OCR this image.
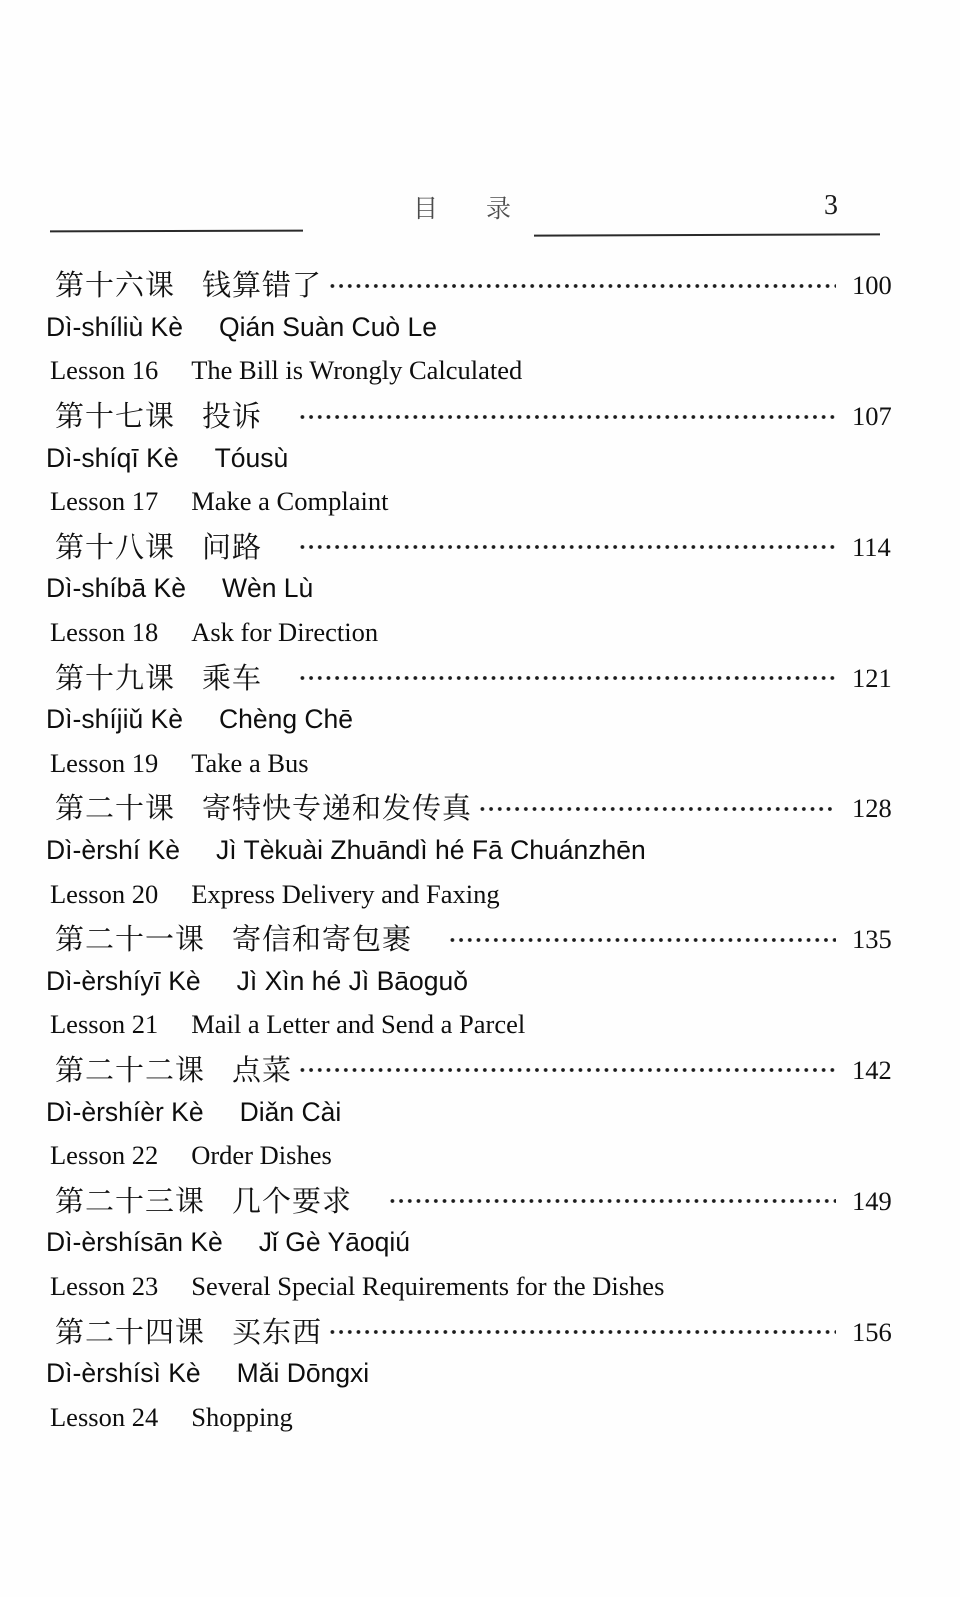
目 录	3
第十六课 钱算错了	100
Dì-shíliù Kè Qián Suàn Cuò Le
Lesson 16 The Bill is Wrongly Calculated
第十七课 投诉　	107
Dì-shíqī Kè Tóusù
Lesson 17 Make a Complaint
第十八课 问路　	114
Dì-shíbā Kè Wèn Lù
Lesson 18 Ask for Direction
第十九课 乘车　	121
Dì-shíjiǔ Kè Chèng Chē
Lesson 19 Take a Bus
第二十课 寄特快专递和发传真	128
Dì-èrshí Kè Jì Tèkuài Zhuāndì hé Fā Chuánzhēn
Lesson 20 Express Delivery and Faxing
第二十一课 寄信和寄包裹　	135
Dì-èrshíyī Kè Jì Xìn hé Jì Bāoguǒ
Lesson 21 Mail a Letter and Send a Parcel
第二十二课 点菜	142
Dì-èrshíèr Kè Diǎn Cài
Lesson 22 Order Dishes
第二十三课 几个要求　	149
Dì-èrshísān Kè Jǐ Gè Yāoqiú
Lesson 23 Several Special Requirements for the Dishes
第二十四课 买东西	156
Dì-èrshísì Kè Mǎi Dōngxi
Lesson 24 Shopping
